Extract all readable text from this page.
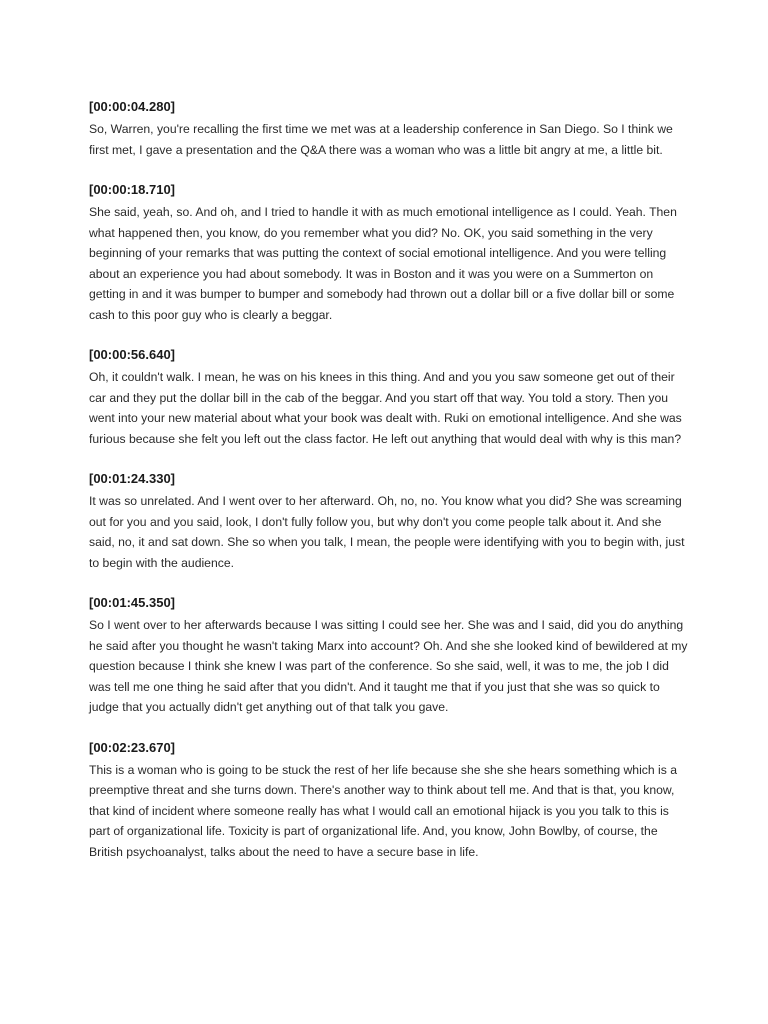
[00:00:04.280]

So, Warren, you're recalling the first time we met was at a leadership conference in San Diego. So I think we first met, I gave a presentation and the Q&A there was a woman who was a little bit angry at me, a little bit.

[00:00:18.710]

She said, yeah, so. And oh, and I tried to handle it with as much emotional intelligence as I could. Yeah. Then what happened then, you know, do you remember what you did? No. OK, you said something in the very beginning of your remarks that was putting the context of social emotional intelligence. And you were telling about an experience you had about somebody. It was in Boston and it was you were on a Summerton on getting in and it was bumper to bumper and somebody had thrown out a dollar bill or a five dollar bill or some cash to this poor guy who is clearly a beggar.

[00:00:56.640]

Oh, it couldn't walk. I mean, he was on his knees in this thing. And and you you saw someone get out of their car and they put the dollar bill in the cab of the beggar. And you start off that way. You told a story. Then you went into your new material about what your book was dealt with. Ruki on emotional intelligence. And she was furious because she felt you left out the class factor. He left out anything that would deal with why is this man?

[00:01:24.330]

It was so unrelated. And I went over to her afterward. Oh, no, no. You know what you did? She was screaming out for you and you said, look, I don't fully follow you, but why don't you come people talk about it. And she said, no, it and sat down. She so when you talk, I mean, the people were identifying with you to begin with, just to begin with the audience.

[00:01:45.350]

So I went over to her afterwards because I was sitting I could see her. She was and I said, did you do anything he said after you thought he wasn't taking Marx into account? Oh. And she she looked kind of bewildered at my question because I think she knew I was part of the conference. So she said, well, it was to me, the job I did was tell me one thing he said after that you didn't. And it taught me that if you just that she was so quick to judge that you actually didn't get anything out of that talk you gave.

[00:02:23.670]

This is a woman who is going to be stuck the rest of her life because she she she hears something which is a preemptive threat and she turns down. There's another way to think about tell me. And that is that, you know, that kind of incident where someone really has what I would call an emotional hijack is you you talk to this is part of organizational life. Toxicity is part of organizational life. And, you know, John Bowlby, of course, the British psychoanalyst, talks about the need to have a secure base in life.
